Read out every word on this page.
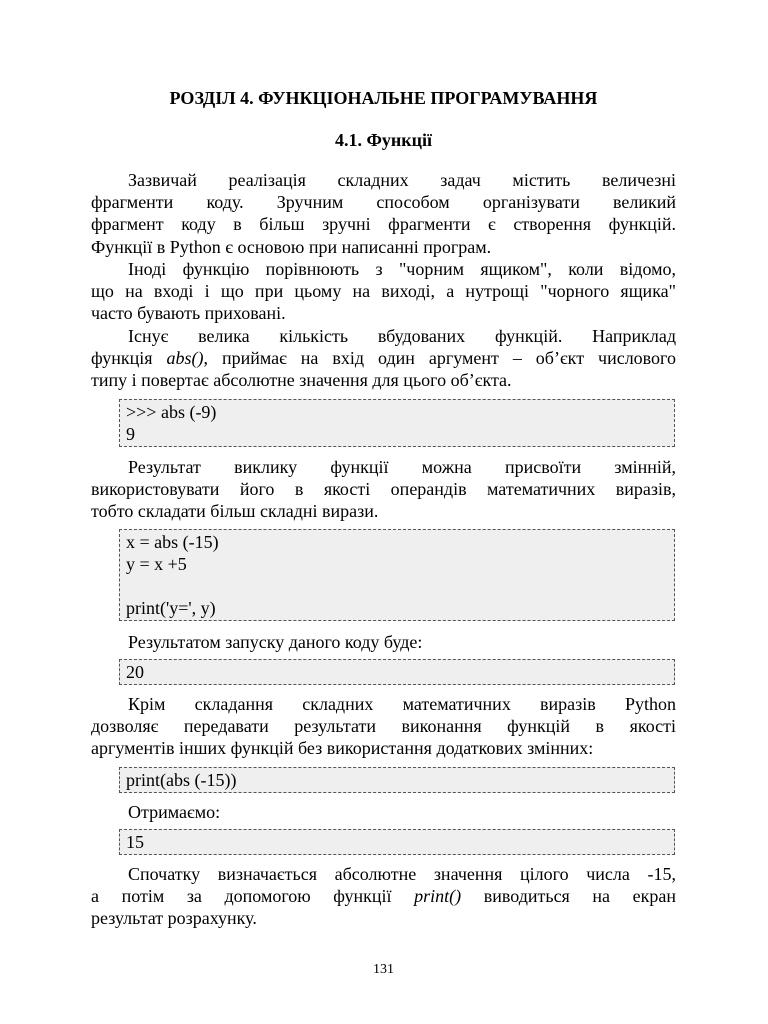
РОЗДІЛ 4. ФУНКЦІОНАЛЬНЕ ПРОГРАМУВАННЯ
4.1. Функції

Зазвичай реалізація складних задач містить величезні
фрагменти коду. Зручним способом організувати великий
фрагмент коду в більш зручні фрагменти є створення функцій.
Функції в Python є основою при написанні програм.

Іноді функцію порівнюють з "чорним ящиком", коли відомо,
що на вході і що при цьому на виході, а нутрощі "чорного ящика"
часто бувають приховані.

Існує велика кількість вбудованих функцій. Наприклад
функція abs(), приймає на вхід один аргумент – об’єкт числового
типу і повертає абсолютне значення для цього об’єкта.

>>> abs (-9)
9

Результат виклику функції можна присвоїти змінній,
використовувати його в якості операндів математичних виразів,
тобто складати більш складні вирази.

x = abs (-15)
y = x +5
print('y=', y)

Результатом запуску даного коду буде:

20

Крім складання складних математичних виразів Python
дозволяє передавати результати виконання функцій в якості
аргументів інших функцій без використання додаткових змінних:

print(abs (-15))

Отримаємо:

15

Спочатку визначається абсолютне значення цілого числа -15,
а потім за допомогою функції print() виводиться на екран
результат розрахунку.

131
